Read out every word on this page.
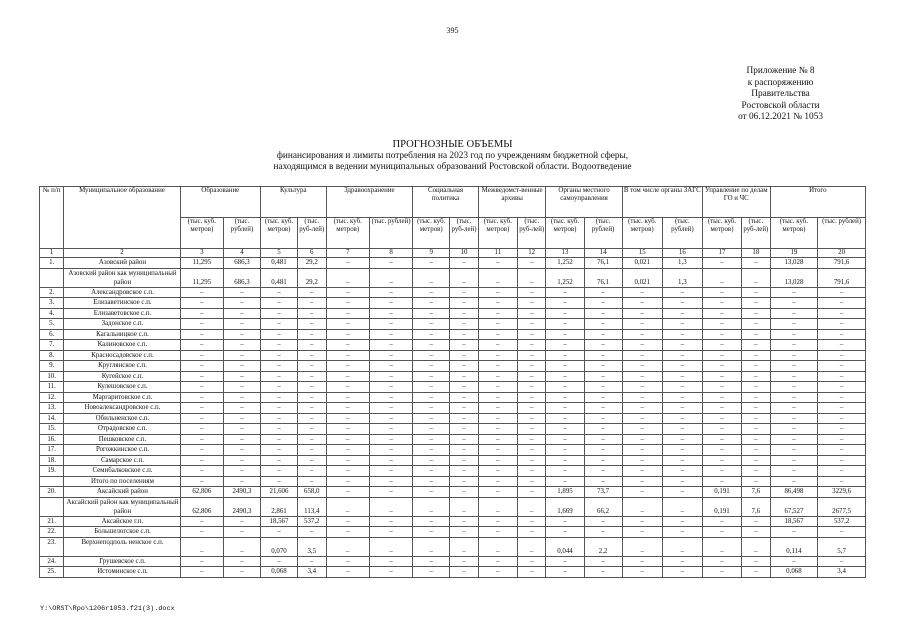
395
Приложение № 8
к распоряжению
Правительства
Ростовской области
от 06.12.2021 № 1053
ПРОГНОЗНЫЕ ОБЪЕМЫ
финансирования и лимиты потребления на 2023 год по учреждениям бюджетной сферы,
находящимся в ведении муниципальных образований Ростовской области. Водоотведение
№ п/п	Муниципальное образование	Образование		Культура		Здравоохранение		Социальная политика		Межведомст-венные архивы		Органы местного самоуправления		В том числе органы ЗАГС		Управление по делам ГО и ЧС		Итого	
		(тыс. куб. метров)	(тыс. рублей)	(тыс. куб. метров)	(тыс. руб-лей)	(тыс. куб. метров)	(тыс. рублей)	(тыс. куб. метров)	(тыс. руб-лей)	(тыс. куб. метров)	(тыс. руб-лей)	(тыс. куб. метров)	(тыс. рублей)	(тыс. куб. метров)	(тыс. рублей)	(тыс. куб. метров)	(тыс. руб-лей)	(тыс. куб. метров)	(тыс. рублей)
1	2	3	4	5	6	7	8	9	10	11	12	13	14	15	16	17	18	19	20
1.	Азовский район	11,295	686,3	0,481	29,2	–	–	–	–	–	–	1,252	76,1	0,021	1,3	–	–	13,028	791,6
	Азовский район как муниципальный район	11,295	686,3	0,481	29,2	–	–	–	–	–	–	1,252	76,1	0,021	1,3	–	–	13,028	791,6
2.	Александровское с.п.	–	–	–	–	–	–	–	–	–	–	–	–	–	–	–	–	–	–
3.	Елизаветинское с.п.	–	–	–	–	–	–	–	–	–	–	–	–	–	–	–	–	–	–
4.	Елизаветовское с.п.	–	–	–	–	–	–	–	–	–	–	–	–	–	–	–	–	–	–
5.	Задонское с.п.	–	–	–	–	–	–	–	–	–	–	–	–	–	–	–	–	–	–
6.	Кагальницкое с.п.	–	–	–	–	–	–	–	–	–	–	–	–	–	–	–	–	–	–
7.	Калиновское с.п.	–	–	–	–	–	–	–	–	–	–	–	–	–	–	–	–	–	–
8.	Красносадовское с.п.	–	–	–	–	–	–	–	–	–	–	–	–	–	–	–	–	–	–
9.	Круглянское с.п.	–	–	–	–	–	–	–	–	–	–	–	–	–	–	–	–	–	–
10.	Кугейское с.п.	–	–	–	–	–	–	–	–	–	–	–	–	–	–	–	–	–	–
11.	Кулешовское с.п.	–	–	–	–	–	–	–	–	–	–	–	–	–	–	–	–	–	–
12.	Маргаритовское с.п.	–	–	–	–	–	–	–	–	–	–	–	–	–	–	–	–	–	–
13.	Новоалександровское с.п.	–	–	–	–	–	–	–	–	–	–	–	–	–	–	–	–	–	–
14.	Обильненское с.п.	–	–	–	–	–	–	–	–	–	–	–	–	–	–	–	–	–	–
15.	Отрадовское с.п.	–	–	–	–	–	–	–	–	–	–	–	–	–	–	–	–	–	–
16.	Пешковское с.п.	–	–	–	–	–	–	–	–	–	–	–	–	–	–	–	–	–	–
17.	Рогожкинское с.п.	–	–	–	–	–	–	–	–	–	–	–	–	–	–	–	–	–	–
18.	Самарское с.п.	–	–	–	–	–	–	–	–	–	–	–	–	–	–	–	–	–	–
19.	Семибалковское с.п.	–	–	–	–	–	–	–	–	–	–	–	–	–	–	–	–	–	–
	Итого по поселениям	–	–	–	–	–	–	–	–	–	–	–	–	–	–	–	–	–	–
20.	Аксайский район	62,806	2490,3	21,606	658,0	–	–	–	–	–	–	1,895	73,7	–	–	0,191	7,6	86,498	3229,6
	Аксайский район как муниципальный район	62,806	2490,3	2,861	113,4	–	–	–	–	–	–	1,669	66,2	–	–	0,191	7,6	67,527	2677,5
21.	Аксайское г.п.	–	–	18,567	537,2	–	–	–	–	–	–	–	–	–	–	–	–	18,567	537,2
22.	Большелогское с.п.	–	–	–	–	–	–	–	–	–	–	–	–	–	–	–	–	–	–
23.	Верхнеподполь ненское с.п.	–	–	0,070	3,5	–	–	–	–	–	–	0,044	2,2	–	–	–	–	0,114	5,7
24.	Грушевское с.п.	–	–	–	–	–	–	–	–	–	–	–	–	–	–	–	–	–	–
25.	Истоминское с.п.	–	–	0,068	3,4	–	–	–	–	–	–	–	–	–	–	–	–	0,068	3,4
Y:\ORST\Rpo\1206r1053.f21(3).docx
